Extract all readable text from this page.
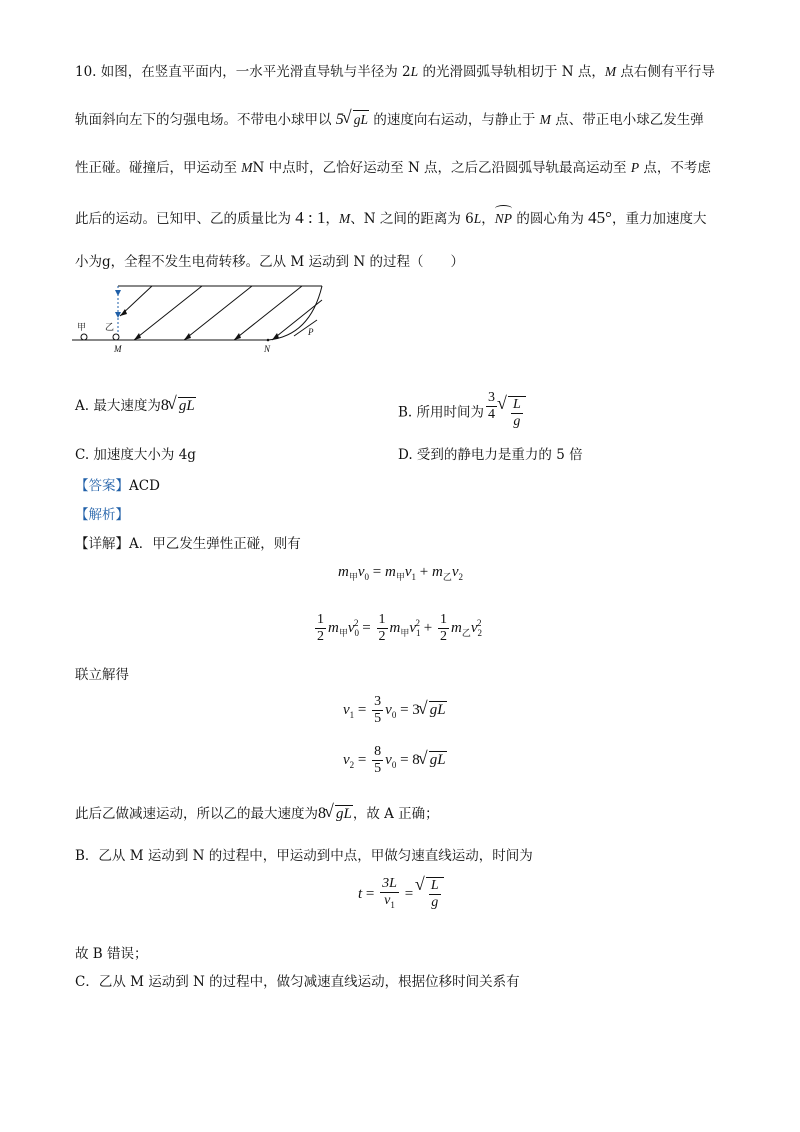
10. 如图，在竖直平面内，一水平光滑直导轨与半径为 2L 的光滑圆弧导轨相切于 N 点，M 点右侧有平行导
轨面斜向左下的匀强电场。不带电小球甲以 5√ gL 的速度向右运动，与静止于 M 点、带正电小球乙发生弹
性正碰。碰撞后，甲运动至 MN 中点时，乙恰好运动至 N 点，之后乙沿圆弧导轨最高运动至 P 点，不考虑
此后的运动。已知甲、乙的质量比为 4 : 1，M、N 之间的距离为 6L，NP 的圆心角为 45°，重力加速度大
小为g，全程不发生电荷转移。乙从 M 运动到 N 的过程（　　）
甲 乙
M	N
P
A. 最大速度为8√ gL	B. 所用时间为 $\frac{3}{4}$
√ $\frac{L}{g}$
C. 加速度大小为 4g	D. 受到的静电力是重力的 5 倍
【答案】ACD
【解析】
【详解】A．甲乙发生弹性正碰，则有
$m_甲v_0 = m_甲v_1 + m_乙v_2$
$\frac{1}{2} m_甲v_0^2 = \frac{1}{2} m_甲v_1^2 + \frac{1}{2} m_乙v_2^2$
联立解得
$v_1 = \frac{3}{5} v_0 = 3√$ gL
$v_2 = \frac{8}{5} v_0 = 8√$ gL
此后乙做减速运动，所以乙的最大速度为8√ gL，故 A 正确；
B．乙从 M 运动到 N 的过程中，甲运动到中点，甲做匀速直线运动，时间为
$t = \frac{3L}{v_1}$ =
√ $\frac{L}{g}$
故 B 错误；
C．乙从 M 运动到 N 的过程中，做匀减速直线运动，根据位移时间关系有
